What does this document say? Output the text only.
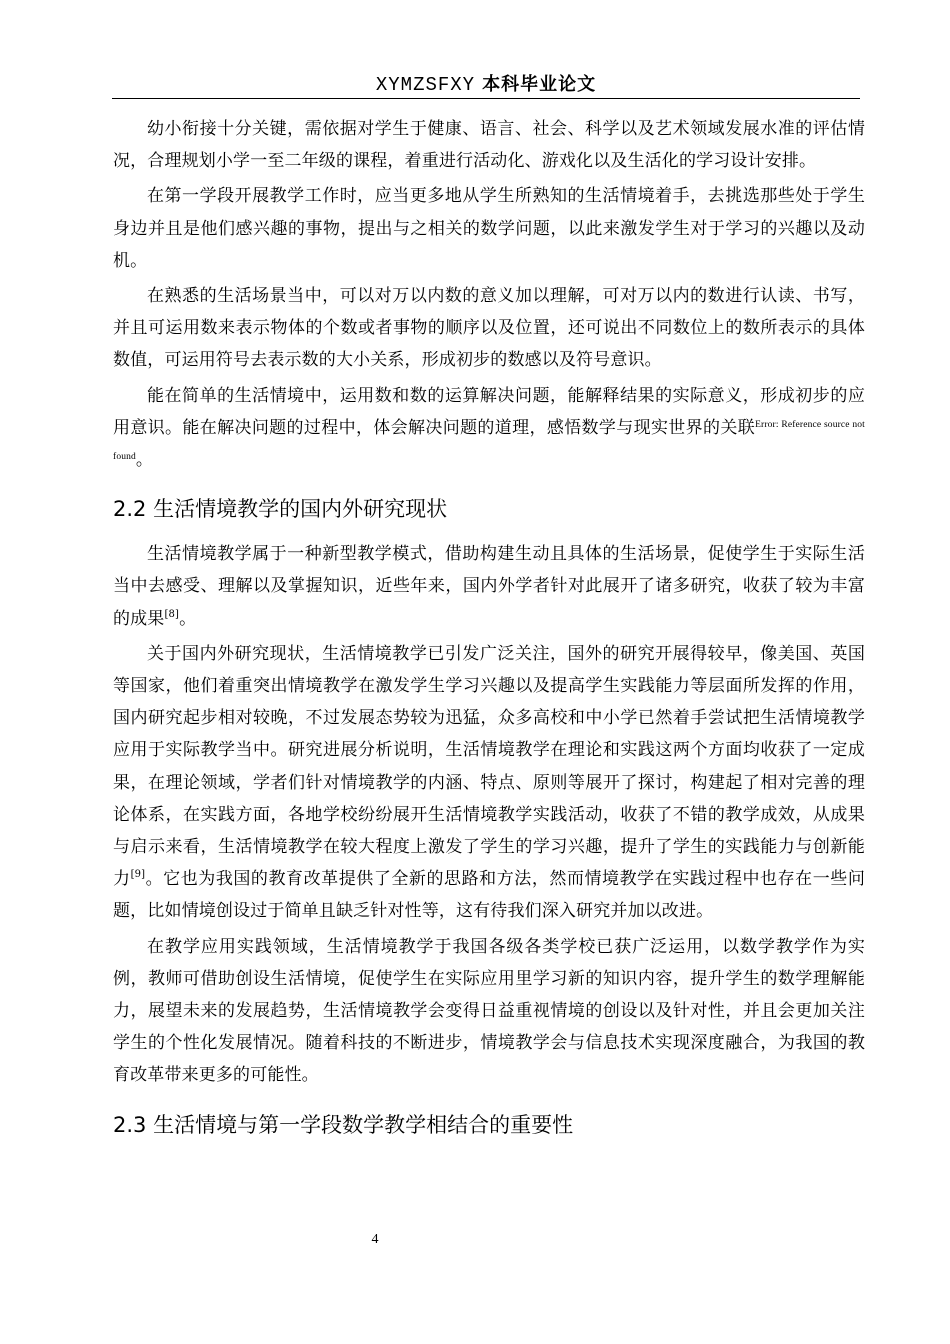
XYMZSFXY 本科毕业论文

幼小衔接十分关键，需依据对学生于健康、语言、社会、科学以及艺术领域发展水准的评估情况，合理规划小学一至二年级的课程，着重进行活动化、游戏化以及生活化的学习设计安排。

在第一学段开展教学工作时，应当更多地从学生所熟知的生活情境着手，去挑选那些处于学生身边并且是他们感兴趣的事物，提出与之相关的数学问题，以此来激发学生对于学习的兴趣以及动机。

在熟悉的生活场景当中，可以对万以内数的意义加以理解，可对万以内的数进行认读、书写，并且可运用数来表示物体的个数或者事物的顺序以及位置，还可说出不同数位上的数所表示的具体数值，可运用符号去表示数的大小关系，形成初步的数感以及符号意识。

能在简单的生活情境中，运用数和数的运算解决问题，能解释结果的实际意义，形成初步的应用意识。能在解决问题的过程中，体会解决问题的道理，感悟数学与现实世界的关联$^{Error: Reference source not found}$。

2.2 生活情境教学的国内外研究现状

生活情境教学属于一种新型教学模式，借助构建生动且具体的生活场景，促使学生于实际生活当中去感受、理解以及掌握知识，近些年来，国内外学者针对此展开了诸多研究，收获了较为丰富的成果[8]。

关于国内外研究现状，生活情境教学已引发广泛关注，国外的研究开展得较早，像美国、英国等国家，他们着重突出情境教学在激发学生学习兴趣以及提高学生实践能力等层面所发挥的作用，国内研究起步相对较晚，不过发展态势较为迅猛，众多高校和中小学已然着手尝试把生活情境教学应用于实际教学当中。研究进展分析说明，生活情境教学在理论和实践这两个方面均收获了一定成果，在理论领域，学者们针对情境教学的内涵、特点、原则等展开了探讨，构建起了相对完善的理论体系，在实践方面，各地学校纷纷展开生活情境教学实践活动，收获了不错的教学成效，从成果与启示来看，生活情境教学在较大程度上激发了学生的学习兴趣，提升了学生的实践能力与创新能力[9]。它也为我国的教育改革提供了全新的思路和方法，然而情境教学在实践过程中也存在一些问题，比如情境创设过于简单且缺乏针对性等，这有待我们深入研究并加以改进。

在教学应用实践领域，生活情境教学于我国各级各类学校已获广泛运用，以数学教学作为实例，教师可借助创设生活情境，促使学生在实际应用里学习新的知识内容，提升学生的数学理解能力，展望未来的发展趋势，生活情境教学会变得日益重视情境的创设以及针对性，并且会更加关注学生的个性化发展情况。随着科技的不断进步，情境教学会与信息技术实现深度融合，为我国的教育改革带来更多的可能性。

2.3 生活情境与第一学段数学教学相结合的重要性
4
